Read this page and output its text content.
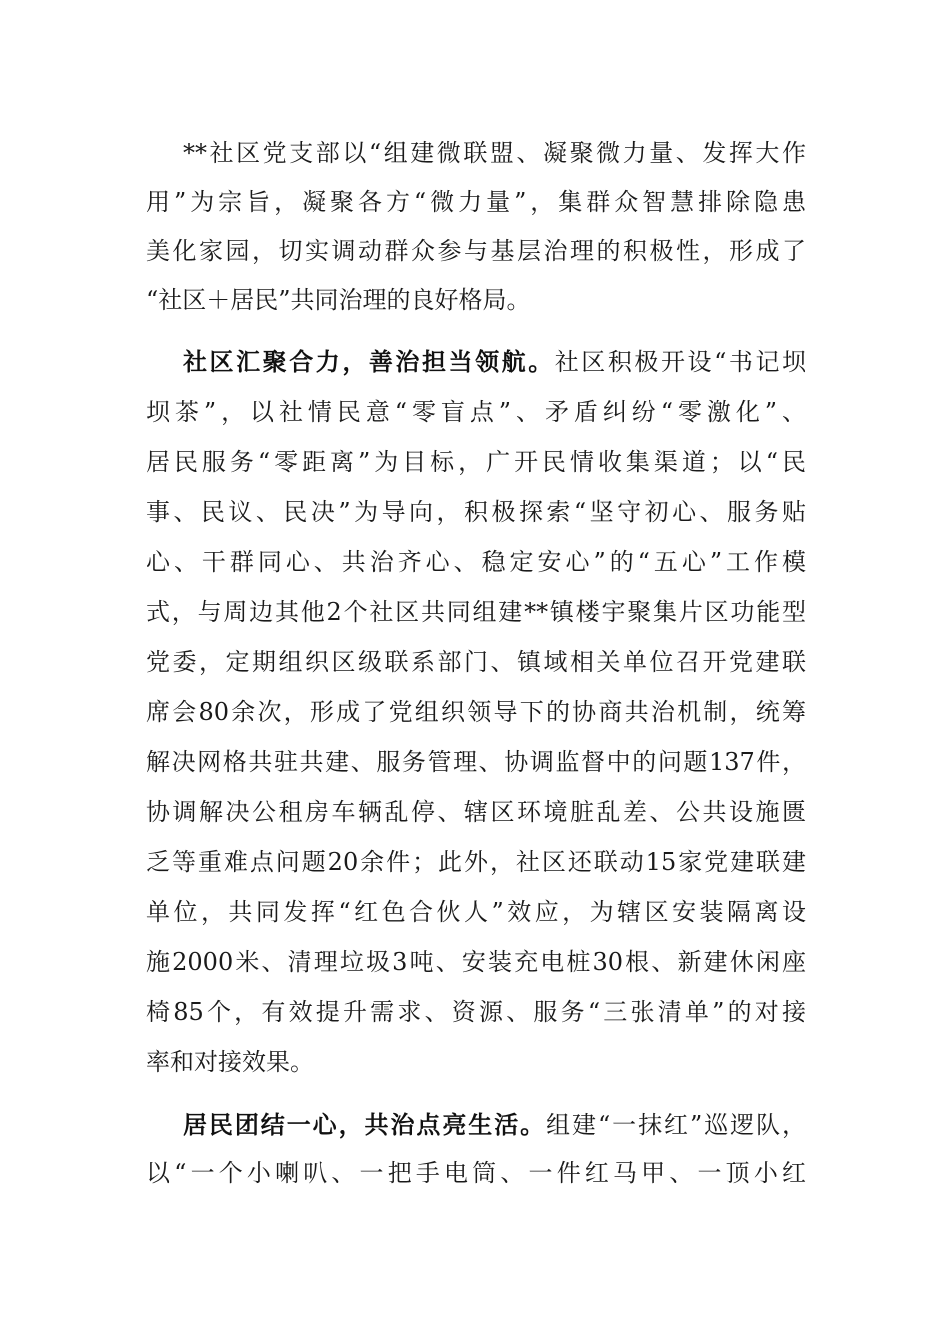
**社区党支部以“组建微联盟、凝聚微力量、发挥大作
用”为宗旨，凝聚各方“微力量”，集群众智慧排除隐患
美化家园，切实调动群众参与基层治理的积极性，形成了
“社区＋居民”共同治理的良好格局。
社区汇聚合力，善治担当领航。社区积极开设“书记坝
坝茶”，以社情民意“零盲点”、矛盾纠纷“零激化”、
居民服务“零距离”为目标，广开民情收集渠道；以“民
事、民议、民决”为导向，积极探索“坚守初心、服务贴
心、干群同心、共治齐心、稳定安心”的“五心”工作模
式，与周边其他2个社区共同组建**镇楼宇聚集片区功能型
党委，定期组织区级联系部门、镇域相关单位召开党建联
席会80余次，形成了党组织领导下的协商共治机制，统筹
解决网格共驻共建、服务管理、协调监督中的问题137件，
协调解决公租房车辆乱停、辖区环境脏乱差、公共设施匮
乏等重难点问题20余件；此外，社区还联动15家党建联建
单位，共同发挥“红色合伙人”效应，为辖区安装隔离设
施2000米、清理垃圾3吨、安装充电桩30根、新建休闲座
椅85个，有效提升需求、资源、服务“三张清单”的对接
率和对接效果。
居民团结一心，共治点亮生活。组建“一抹红”巡逻队，
以“一个小喇叭、一把手电筒、一件红马甲、一顶小红
